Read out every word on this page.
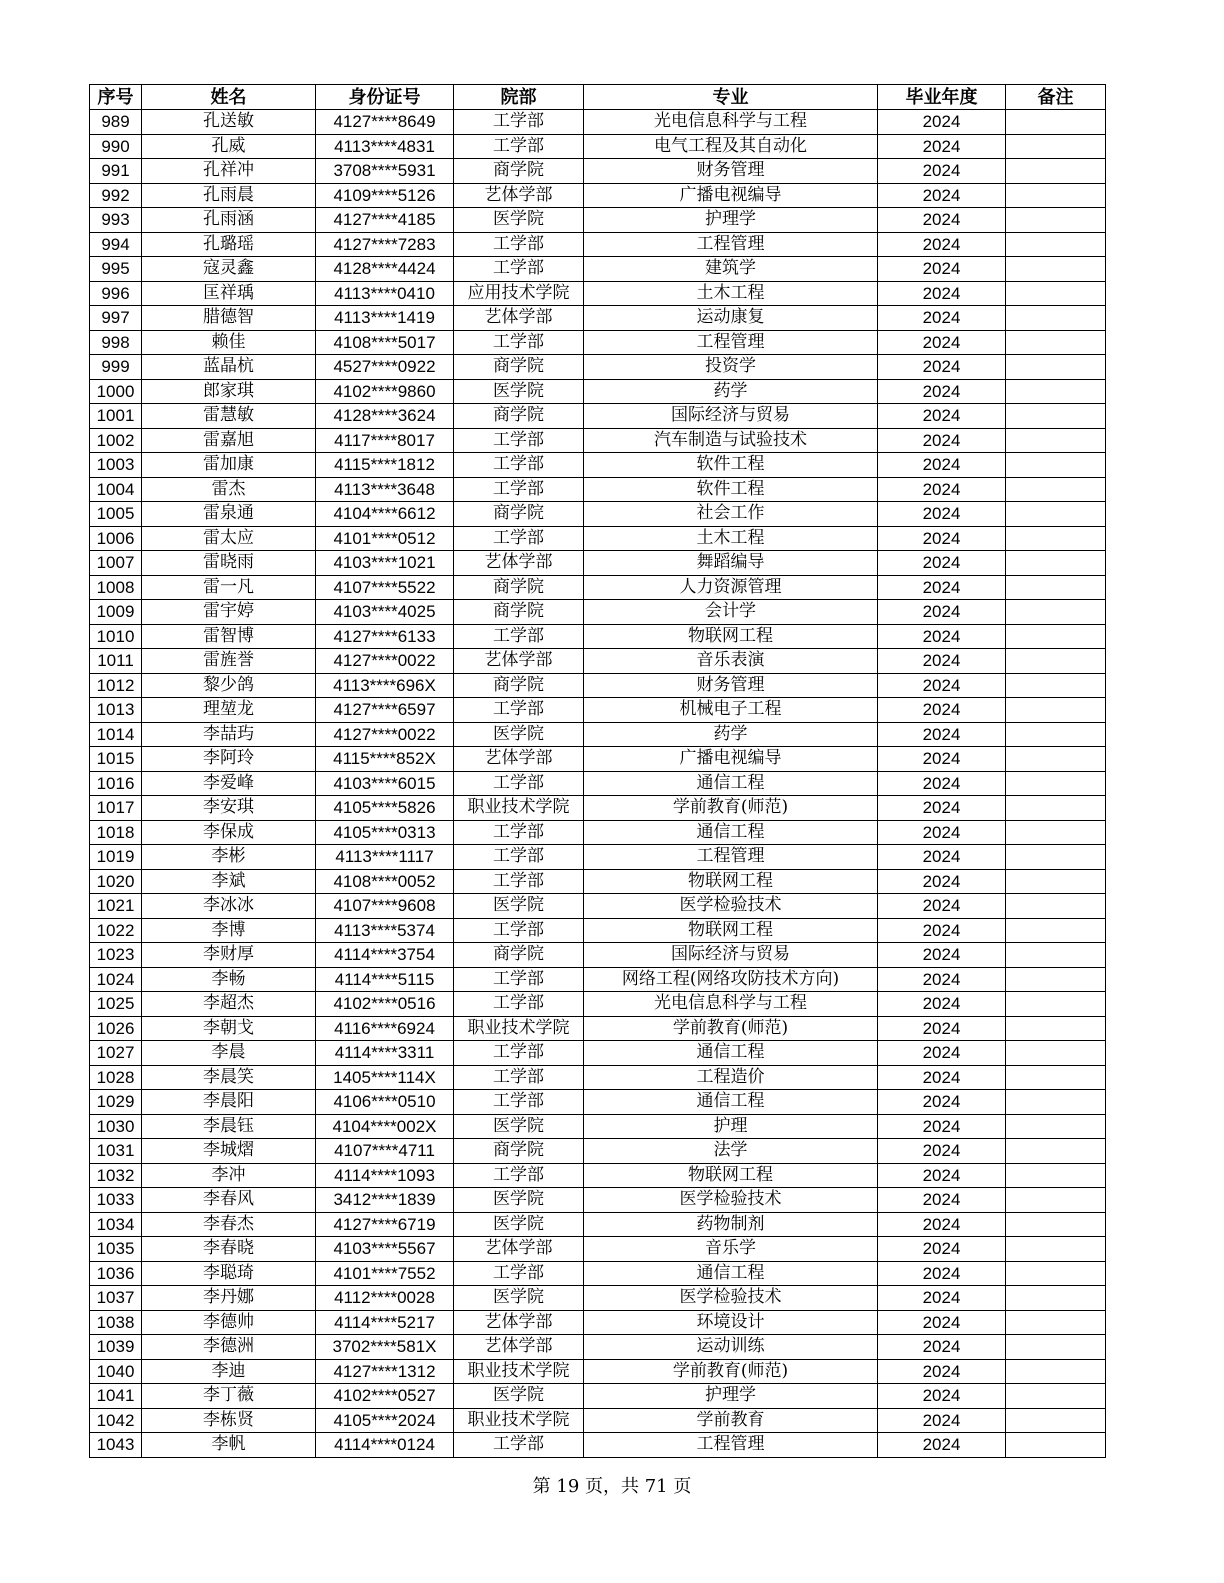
序号	姓名	身份证号	院部	专业	毕业年度	备注
989	孔送敏	4127****8649	工学部	光电信息科学与工程	2024	
990	孔威	4113****4831	工学部	电气工程及其自动化	2024	
991	孔祥冲	3708****5931	商学院	财务管理	2024	
992	孔雨晨	4109****5126	艺体学部	广播电视编导	2024	
993	孔雨涵	4127****4185	医学院	护理学	2024	
994	孔璐瑶	4127****7283	工学部	工程管理	2024	
995	寇灵鑫	4128****4424	工学部	建筑学	2024	
996	匡祥瑀	4113****0410	应用技术学院	土木工程	2024	
997	腊德智	4113****1419	艺体学部	运动康复	2024	
998	赖佳	4108****5017	工学部	工程管理	2024	
999	蓝晶杭	4527****0922	商学院	投资学	2024	
1000	郎家琪	4102****9860	医学院	药学	2024	
1001	雷慧敏	4128****3624	商学院	国际经济与贸易	2024	
1002	雷嘉旭	4117****8017	工学部	汽车制造与试验技术	2024	
1003	雷加康	4115****1812	工学部	软件工程	2024	
1004	雷杰	4113****3648	工学部	软件工程	2024	
1005	雷泉通	4104****6612	商学院	社会工作	2024	
1006	雷太应	4101****0512	工学部	土木工程	2024	
1007	雷晓雨	4103****1021	艺体学部	舞蹈编导	2024	
1008	雷一凡	4107****5522	商学院	人力资源管理	2024	
1009	雷宇婷	4103****4025	商学院	会计学	2024	
1010	雷智博	4127****6133	工学部	物联网工程	2024	
1011	雷旌誉	4127****0022	艺体学部	音乐表演	2024	
1012	黎少鸽	4113****696X	商学院	财务管理	2024	
1013	理堃龙	4127****6597	工学部	机械电子工程	2024	
1014	李喆玙	4127****0022	医学院	药学	2024	
1015	李阿玲	4115****852X	艺体学部	广播电视编导	2024	
1016	李爱峰	4103****6015	工学部	通信工程	2024	
1017	李安琪	4105****5826	职业技术学院	学前教育(师范)	2024	
1018	李保成	4105****0313	工学部	通信工程	2024	
1019	李彬	4113****1117	工学部	工程管理	2024	
1020	李斌	4108****0052	工学部	物联网工程	2024	
1021	李冰冰	4107****9608	医学院	医学检验技术	2024	
1022	李博	4113****5374	工学部	物联网工程	2024	
1023	李财厚	4114****3754	商学院	国际经济与贸易	2024	
1024	李畅	4114****5115	工学部	网络工程(网络攻防技术方向)	2024	
1025	李超杰	4102****0516	工学部	光电信息科学与工程	2024	
1026	李朝戈	4116****6924	职业技术学院	学前教育(师范)	2024	
1027	李晨	4114****3311	工学部	通信工程	2024	
1028	李晨笑	1405****114X	工学部	工程造价	2024	
1029	李晨阳	4106****0510	工学部	通信工程	2024	
1030	李晨钰	4104****002X	医学院	护理	2024	
1031	李城熠	4107****4711	商学院	法学	2024	
1032	李冲	4114****1093	工学部	物联网工程	2024	
1033	李春风	3412****1839	医学院	医学检验技术	2024	
1034	李春杰	4127****6719	医学院	药物制剂	2024	
1035	李春晓	4103****5567	艺体学部	音乐学	2024	
1036	李聪琦	4101****7552	工学部	通信工程	2024	
1037	李丹娜	4112****0028	医学院	医学检验技术	2024	
1038	李德帅	4114****5217	艺体学部	环境设计	2024	
1039	李德洲	3702****581X	艺体学部	运动训练	2024	
1040	李迪	4127****1312	职业技术学院	学前教育(师范)	2024	
1041	李丁薇	4102****0527	医学院	护理学	2024	
1042	李栋贤	4105****2024	职业技术学院	学前教育	2024	
1043	李帆	4114****0124	工学部	工程管理	2024	
第 19 页，共 71 页
